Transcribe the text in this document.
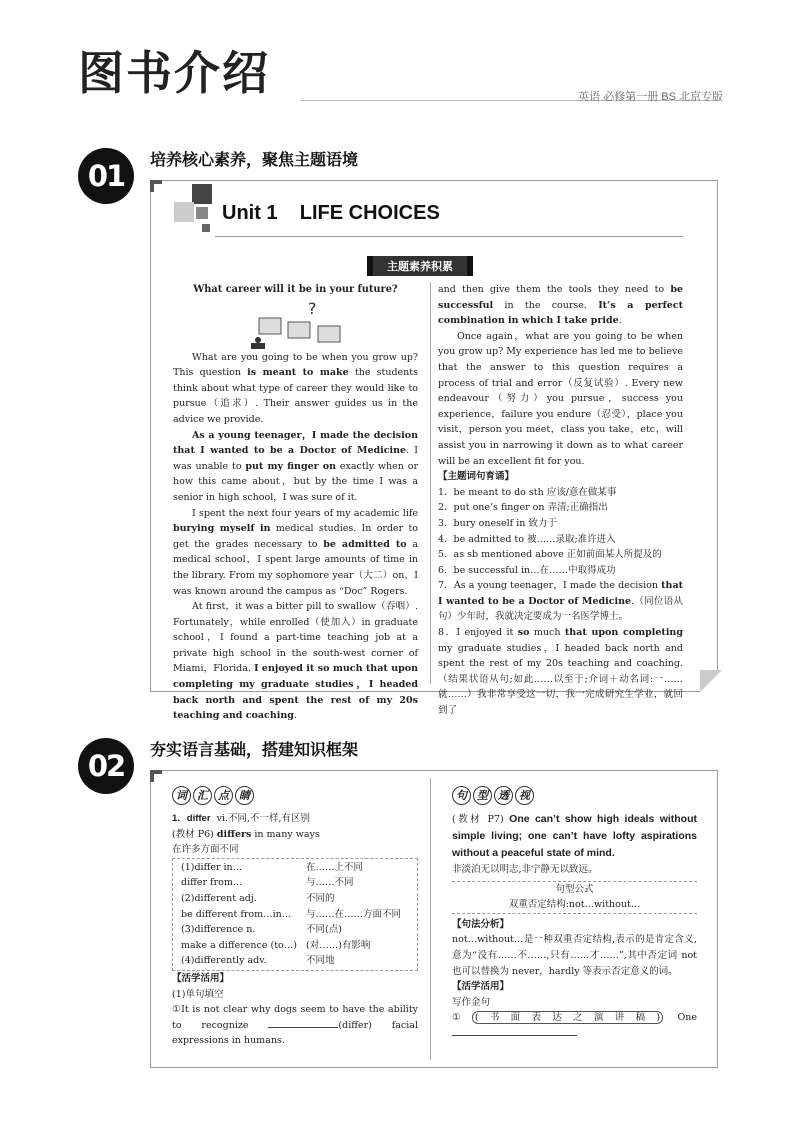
图书介绍	英语 必修第一册 BS 北京专版
01	培养核心素养，聚焦主题语境
Unit 1    LIFE CHOICES
主题素养积累
What career will it be in your future?
?

What are you going to be when you grow up? This question is meant to make the students think about what type of career they would like to pursue（追求）. Their answer guides us in the advice we provide.

As a young teenager，I made the decision that I wanted to be a Doctor of Medicine. I was unable to put my finger on exactly when or how this came about，but by the time I was a senior in high school，I was sure of it.

I spent the next four years of my academic life burying myself in medical studies. In order to get the grades necessary to be admitted to a medical school，I spent large amounts of time in the library. From my sophomore year（大二）on，I was known around the campus as “Doc” Rogers.

At first，it was a bitter pill to swallow（吞咽）. Fortunately，while enrolled（使加入）in graduate school，I found a part-time teaching job at a private high school in the south-west corner of Miami，Florida. I enjoyed it so much that upon completing my graduate studies，I headed back north and spent the rest of my 20s teaching and coaching.

and then give them the tools they need to be successful in the course. It’s a perfect combination in which I take pride.

Once again，what are you going to be when you grow up? My experience has led me to believe that the answer to this question requires a process of trial and error（反复试验）. Every new endeavour（努力）you pursue，success you experience，failure you endure（忍受），place you visit，person you meet，class you take，etc，will assist you in narrowing it down as to what career will be an excellent fit for you.

【主题词句育诵】

1．be meant to do sth 应该/意在做某事

2．put one’s finger on 弄清;正确指出

3．bury oneself in 致力于

4．be admitted to 被……录取;准许进入

5．as sb mentioned above 正如前面某人所提及的

6．be successful in…在……中取得成功

7．As a young teenager，I made the decision that I wanted to be a Doctor of Medicine.（同位语从句）少年时，我就决定要成为一名医学博士。

8．I enjoyed it so much that upon completing my graduate studies，I headed back north and spent the rest of my 20s teaching and coaching.（结果状语从句;如此……以至于;介词＋动名词:一……就……）我非常享受这一切，我一完成研究生学业，就回到了

02	夯实语言基础，搭建知识框架
词 汇 点 睛

1．differ vi.不同,不一样,有区别

(教材 P6) differs in many ways

在许多方面不同

(1)differ in…	在……上不同
differ from…	与……不同
(2)different adj.	不同的
be different from…in…	与……在……方面不同
(3)difference n.	不同(点)
make a difference (to…) (对……)有影响
(4)differently adv.	不同地

【活学活用】

(1)单句填空

①It is not clear why dogs seem to have the ability to recognize	(differ) facial expressions in humans.

句 型 透 视

(教材 P7) One can’t show high ideals without simple living; one can’t have lofty aspirations without a peaceful state of mind.

非淡泊无以明志,非宁静无以致远。

句型公式
双重否定结构:not…without…

【句法分析】

not…without…是一种双重否定结构,表示的是肯定含义,意为“没有……不……,只有……才……”,其中否定词 not 也可以替换为 never，hardly 等表示否定意义的词。

【活学活用】

写作金句

① (书面表达之演讲稿) One
